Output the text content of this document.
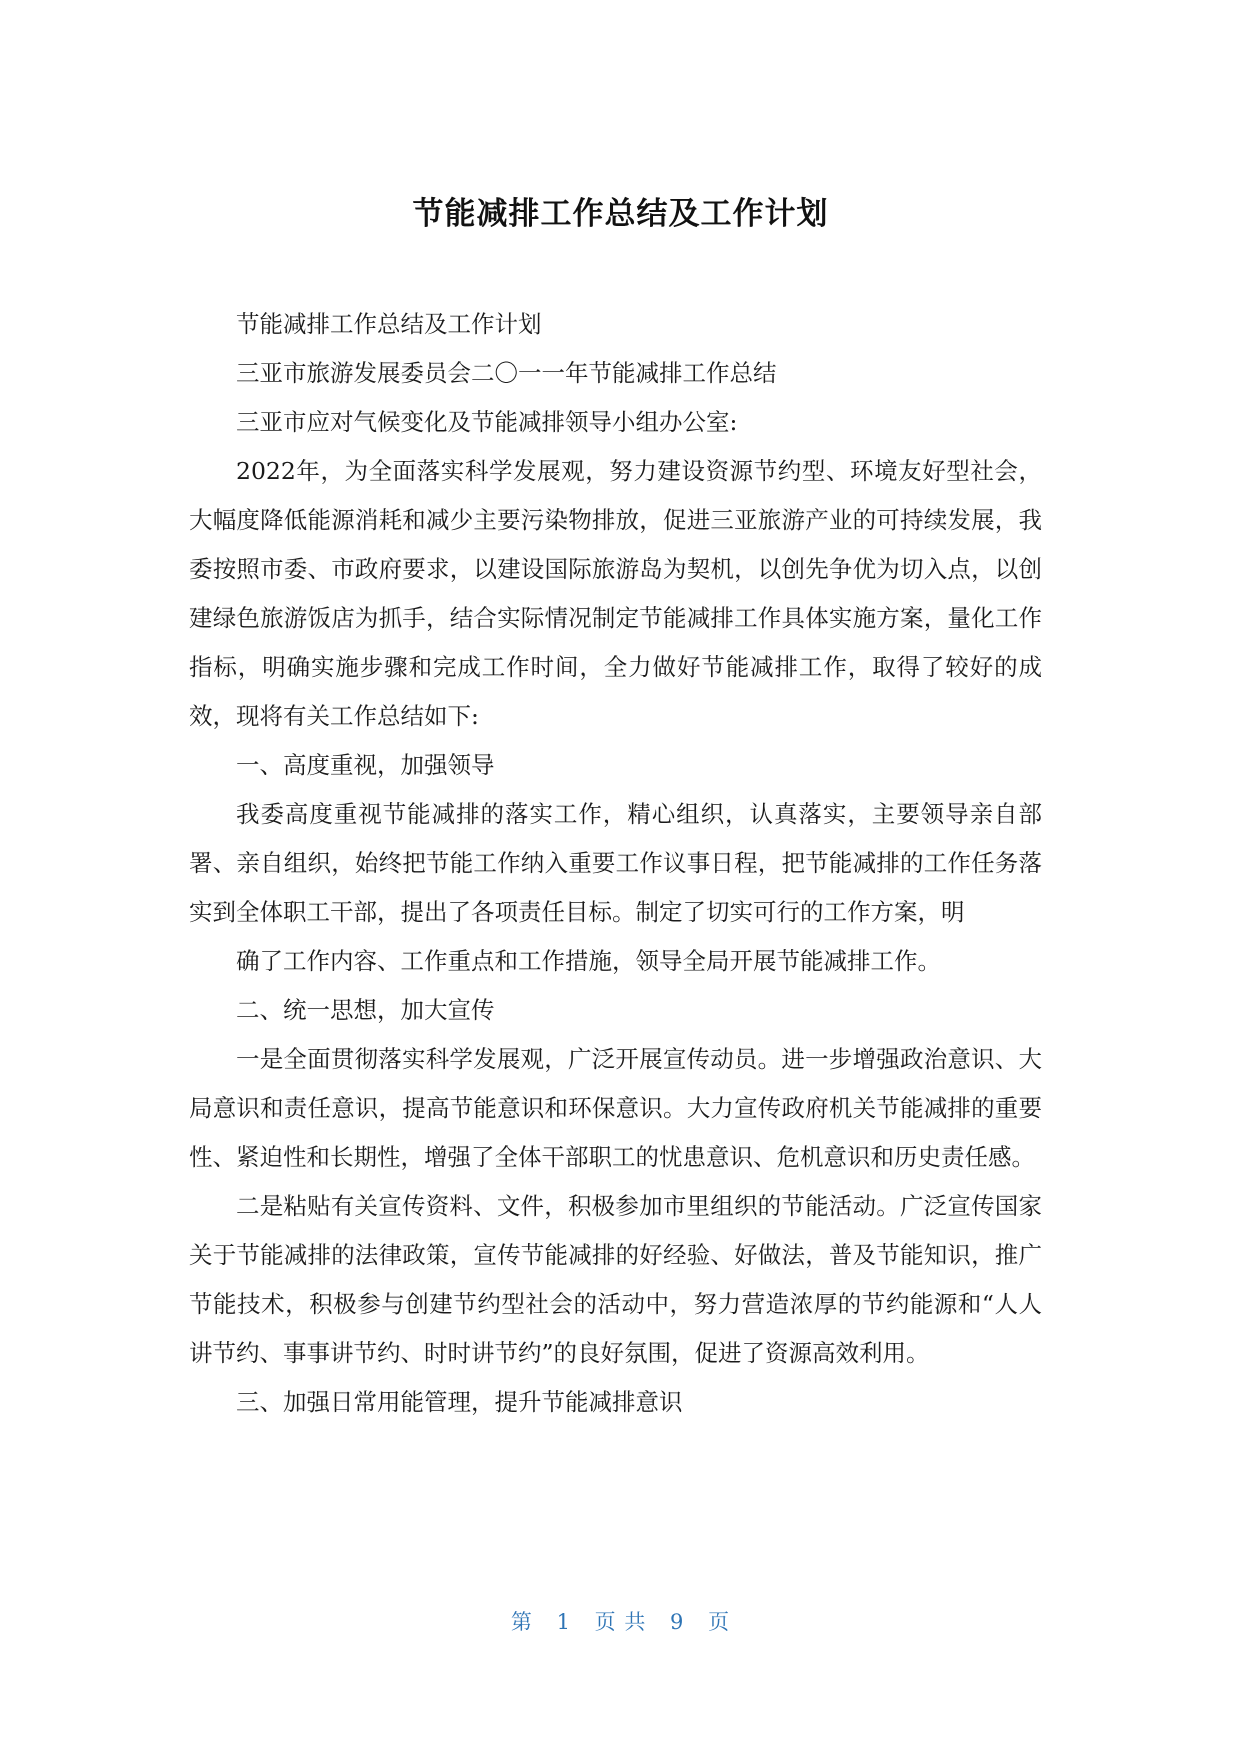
节能减排工作总结及工作计划

节能减排工作总结及工作计划

三亚市旅游发展委员会二〇一一年节能减排工作总结

三亚市应对气候变化及节能减排领导小组办公室:

2022年，为全面落实科学发展观，努力建设资源节约型、环境友好型社会，大幅度降低能源消耗和减少主要污染物排放，促进三亚旅游产业的可持续发展，我委按照市委、市政府要求，以建设国际旅游岛为契机，以创先争优为切入点，以创建绿色旅游饭店为抓手，结合实际情况制定节能减排工作具体实施方案，量化工作指标，明确实施步骤和完成工作时间，全力做好节能减排工作，取得了较好的成效，现将有关工作总结如下:

一、高度重视，加强领导

我委高度重视节能减排的落实工作，精心组织，认真落实，主要领导亲自部署、亲自组织，始终把节能工作纳入重要工作议事日程，把节能减排的工作任务落实到全体职工干部，提出了各项责任目标。制定了切实可行的工作方案，明

确了工作内容、工作重点和工作措施，领导全局开展节能减排工作。

二、统一思想，加大宣传

一是全面贯彻落实科学发展观，广泛开展宣传动员。进一步增强政治意识、大局意识和责任意识，提高节能意识和环保意识。大力宣传政府机关节能减排的重要性、紧迫性和长期性，增强了全体干部职工的忧患意识、危机意识和历史责任感。

二是粘贴有关宣传资料、文件，积极参加市里组织的节能活动。广泛宣传国家关于节能减排的法律政策，宣传节能减排的好经验、好做法，普及节能知识，推广节能技术，积极参与创建节约型社会的活动中，努力营造浓厚的节约能源和“人人讲节约、事事讲节约、时时讲节约”的良好氛围，促进了资源高效利用。

三、加强日常用能管理，提升节能减排意识

第 1 页 共 9 页
